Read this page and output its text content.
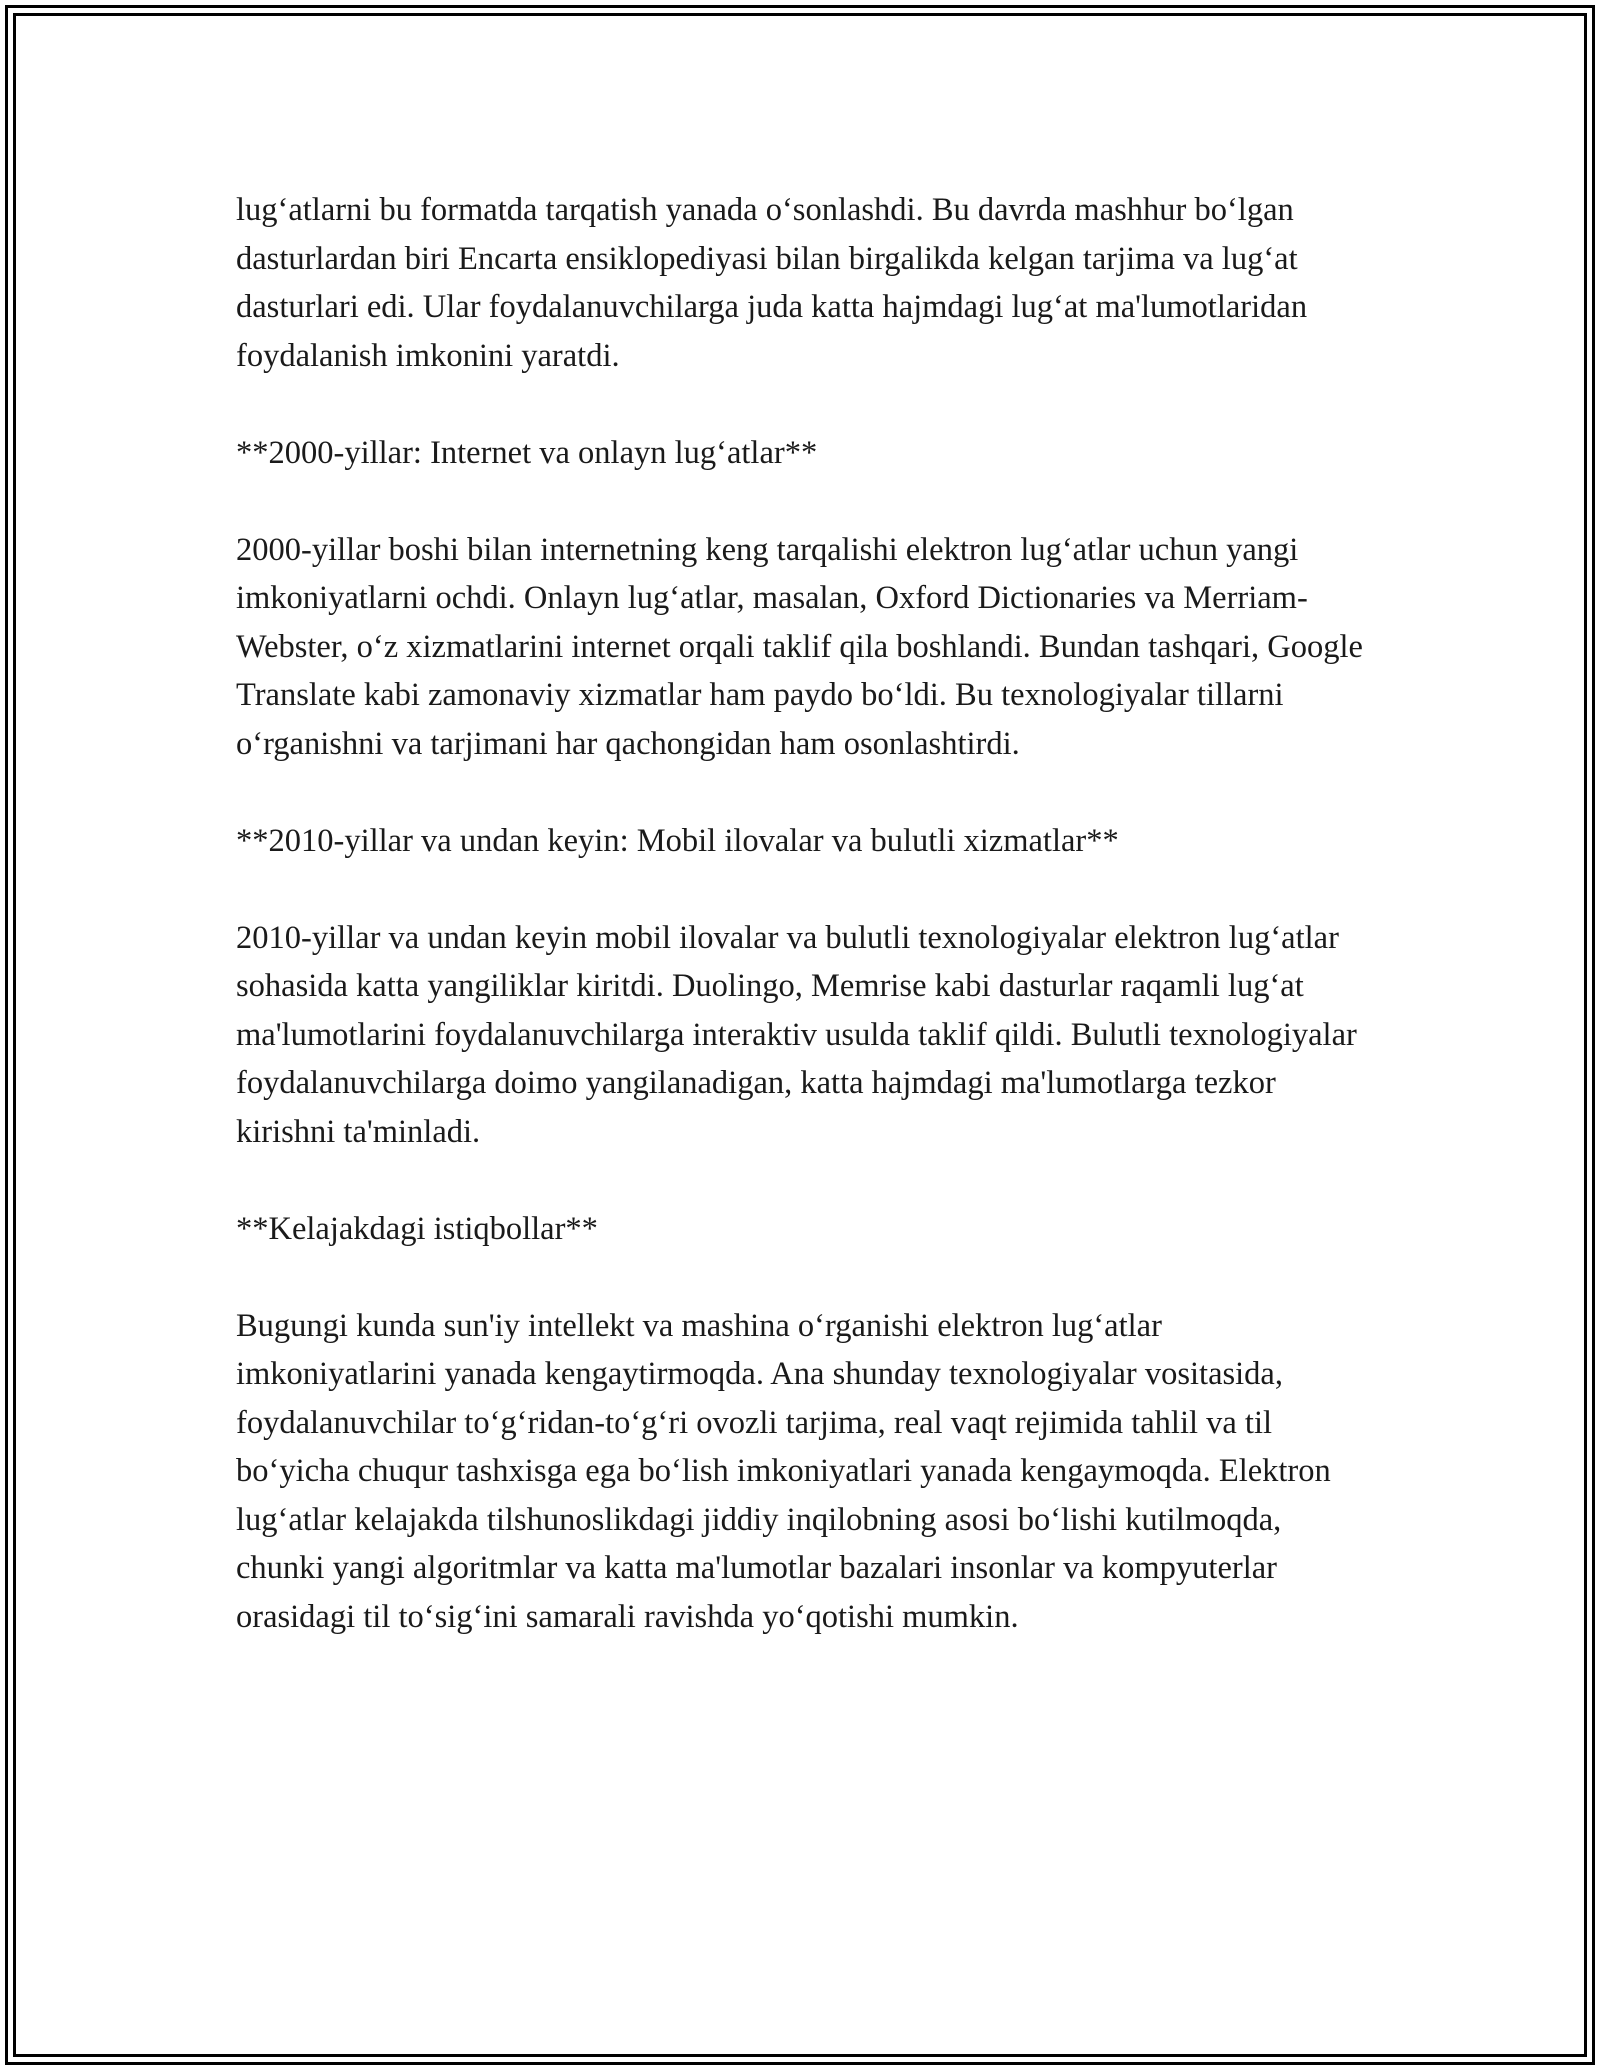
lug‘atlarni bu formatda tarqatish yanada o‘sonlashdi. Bu davrda mashhur bo‘lgan dasturlardan biri Encarta ensiklopediyasi bilan birgalikda kelgan tarjima va lug‘at dasturlari edi. Ular foydalanuvchilarga juda katta hajmdagi lug‘at ma'lumotlaridan foydalanish imkonini yaratdi.

**2000-yillar: Internet va onlayn lug‘atlar**

2000-yillar boshi bilan internetning keng tarqalishi elektron lug‘atlar uchun yangi imkoniyatlarni ochdi. Onlayn lug‘atlar, masalan, Oxford Dictionaries va Merriam-Webster, o‘z xizmatlarini internet orqali taklif qila boshlandi. Bundan tashqari, Google Translate kabi zamonaviy xizmatlar ham paydo bo‘ldi. Bu texnologiyalar tillarni o‘rganishni va tarjimani har qachongidan ham osonlashtirdi.

**2010-yillar va undan keyin: Mobil ilovalar va bulutli xizmatlar**

2010-yillar va undan keyin mobil ilovalar va bulutli texnologiyalar elektron lug‘atlar sohasida katta yangiliklar kiritdi. Duolingo, Memrise kabi dasturlar raqamli lug‘at ma'lumotlarini foydalanuvchilarga interaktiv usulda taklif qildi. Bulutli texnologiyalar foydalanuvchilarga doimo yangilanadigan, katta hajmdagi ma'lumotlarga tezkor kirishni ta'minladi.

**Kelajakdagi istiqbollar**

Bugungi kunda sun'iy intellekt va mashina o‘rganishi elektron lug‘atlar imkoniyatlarini yanada kengaytirmoqda. Ana shunday texnologiyalar vositasida, foydalanuvchilar to‘g‘ridan-to‘g‘ri ovozli tarjima, real vaqt rejimida tahlil va til bo‘yicha chuqur tashxisga ega bo‘lish imkoniyatlari yanada kengaymoqda. Elektron lug‘atlar kelajakda tilshunoslikdagi jiddiy inqilobning asosi bo‘lishi kutilmoqda, chunki yangi algoritmlar va katta ma'lumotlar bazalari insonlar va kompyuterlar orasidagi til to‘sig‘ini samarali ravishda yo‘qotishi mumkin.
